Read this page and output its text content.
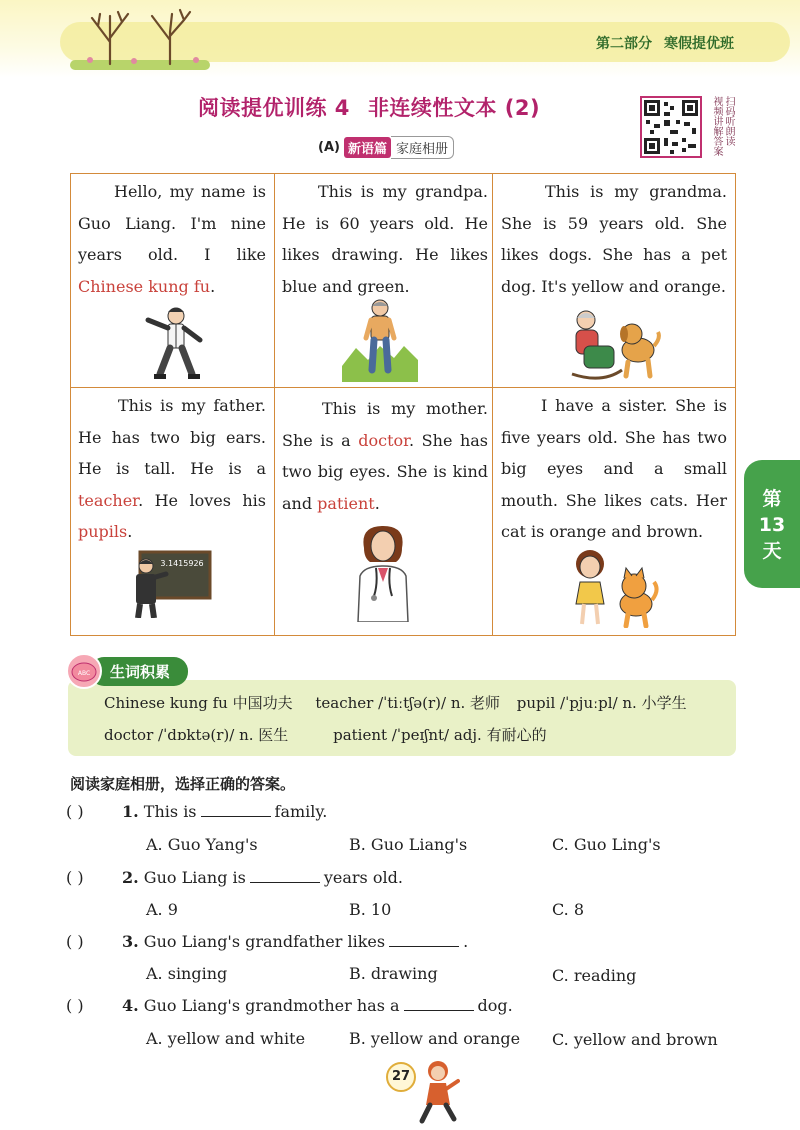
第二部分 寒假提优班
阅读提优训练 4 非连续性文本 (2)	扫码听朗读 视频讲解答案
(A) 新语篇 家庭相册
Hello, my name is Guo Liang. I'm nine years old. I like Chinese kung fu.
This is my grandpa. He is 60 years old. He likes drawing. He likes blue and green.
This is my grandma. She is 59 years old. She likes dogs. She has a pet dog. It's yellow and orange.
This is my father. He has two big ears. He is tall. He is a teacher. He loves his pupils.
This is my mother. She is a doctor. She has two big eyes. She is kind and patient.
I have a sister. She is five years old. She has two big eyes and a small mouth. She likes cats. Her cat is orange and brown.
3.1415926
Chinese kung fu 中国功夫 teacher /ˈtiːtʃə(r)/ n. 老师 pupil /ˈpjuːpl/ n. 小学生
doctor /ˈdɒktə(r)/ n. 医生	patient /ˈpeɪʃnt/ adj. 有耐心的
ABC	生词积累
阅读家庭相册，选择正确的答案。
( ) 1. This is	family.
A. Guo Yang's	B. Guo Liang's	C. Guo Ling's
( ) 2. Guo Liang is	years old.
A. 9	B. 10	C. 8
( ) 3. Guo Liang's grandfather likes	.
A. singing	B. drawing	C. reading
( ) 4. Guo Liang's grandmother has a	dog.
A. yellow and white	B. yellow and orange C. yellow and brown
第
13
天
27
